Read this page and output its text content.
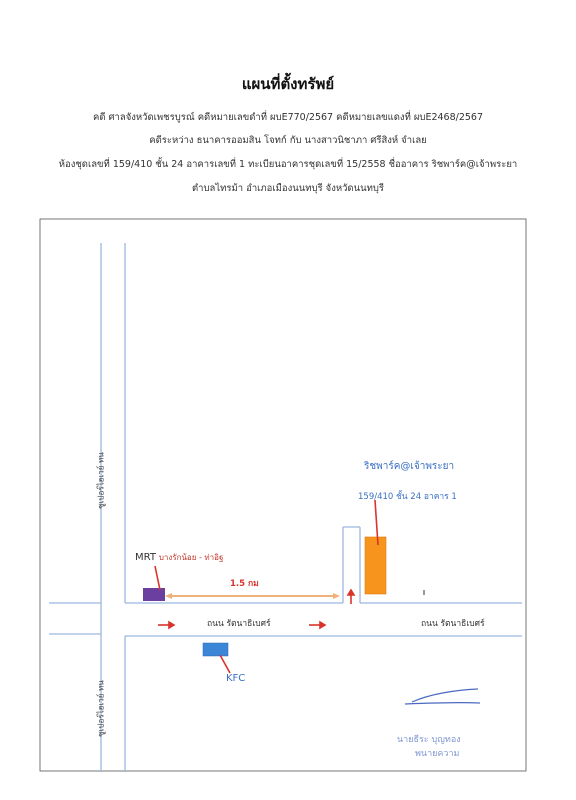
แผนที่ตั้งทรัพย์
คดี ศาลจังหวัดเพชรบูรณ์ คดีหมายเลขดำที่ ผบE770/2567 คดีหมายเลขแดงที่ ผบE2468/2567
คดีระหว่าง ธนาคารออมสิน โจทก์ กับ นางสาวนิชาภา ศรีสิงห์ จำเลย
ห้องชุดเลขที่ 159/410 ชั้น 24 อาคารเลขที่ 1 ทะเบียนอาคารชุดเลขที่ 15/2558 ชื่ออาคาร ริชพาร์ค@เจ้าพระยา
ตำบลไทรม้า อำเภอเมืองนนทบุรี จังหวัดนนทบุรี
ริชพาร์ค@เจ้าพระยา
159/410 ชั้น 24 อาคาร 1
MRT บางรักน้อย - ท่าอิฐ
1.5 กม
ถนน รัตนาธิเบศร์	ถนน รัตนาธิเบศร์
KFC
ซูเปอร์ไฮเวย์ ทน
ซูเปอร์ไฮเวย์ ทน
นายธีระ บุญทอง
พนายความ
